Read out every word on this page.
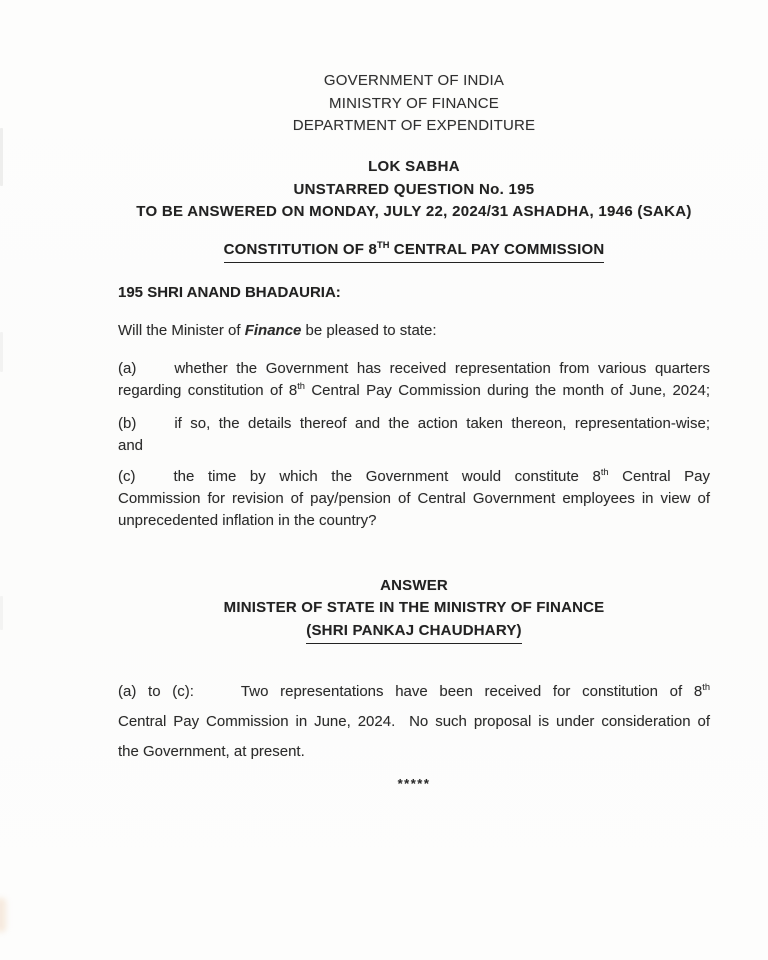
GOVERNMENT OF INDIA
MINISTRY OF FINANCE
DEPARTMENT OF EXPENDITURE
LOK SABHA
UNSTARRED QUESTION No. 195
TO BE ANSWERED ON MONDAY, JULY 22, 2024/31 ASHADHA, 1946 (SAKA)
CONSTITUTION OF 8TH CENTRAL PAY COMMISSION
195 SHRI ANAND BHADAURIA:
Will the Minister of Finance be pleased to state:
(a)	whether the Government has received representation from various quarters
regarding constitution of 8th Central Pay Commission during the month of June, 2024;
(b)	if so, the details thereof and the action taken thereon, representation-wise;
and
(c)	the time by which the Government would constitute 8th Central Pay
Commission for revision of pay/pension of Central Government employees in view of
unprecedented inflation in the country?
ANSWER
MINISTER OF STATE IN THE MINISTRY OF FINANCE
(SHRI PANKAJ CHAUDHARY)
(a) to (c):	Two representations have been received for constitution of 8th
Central Pay Commission in June, 2024.  No such proposal is under consideration of
the Government, at present.
*****
